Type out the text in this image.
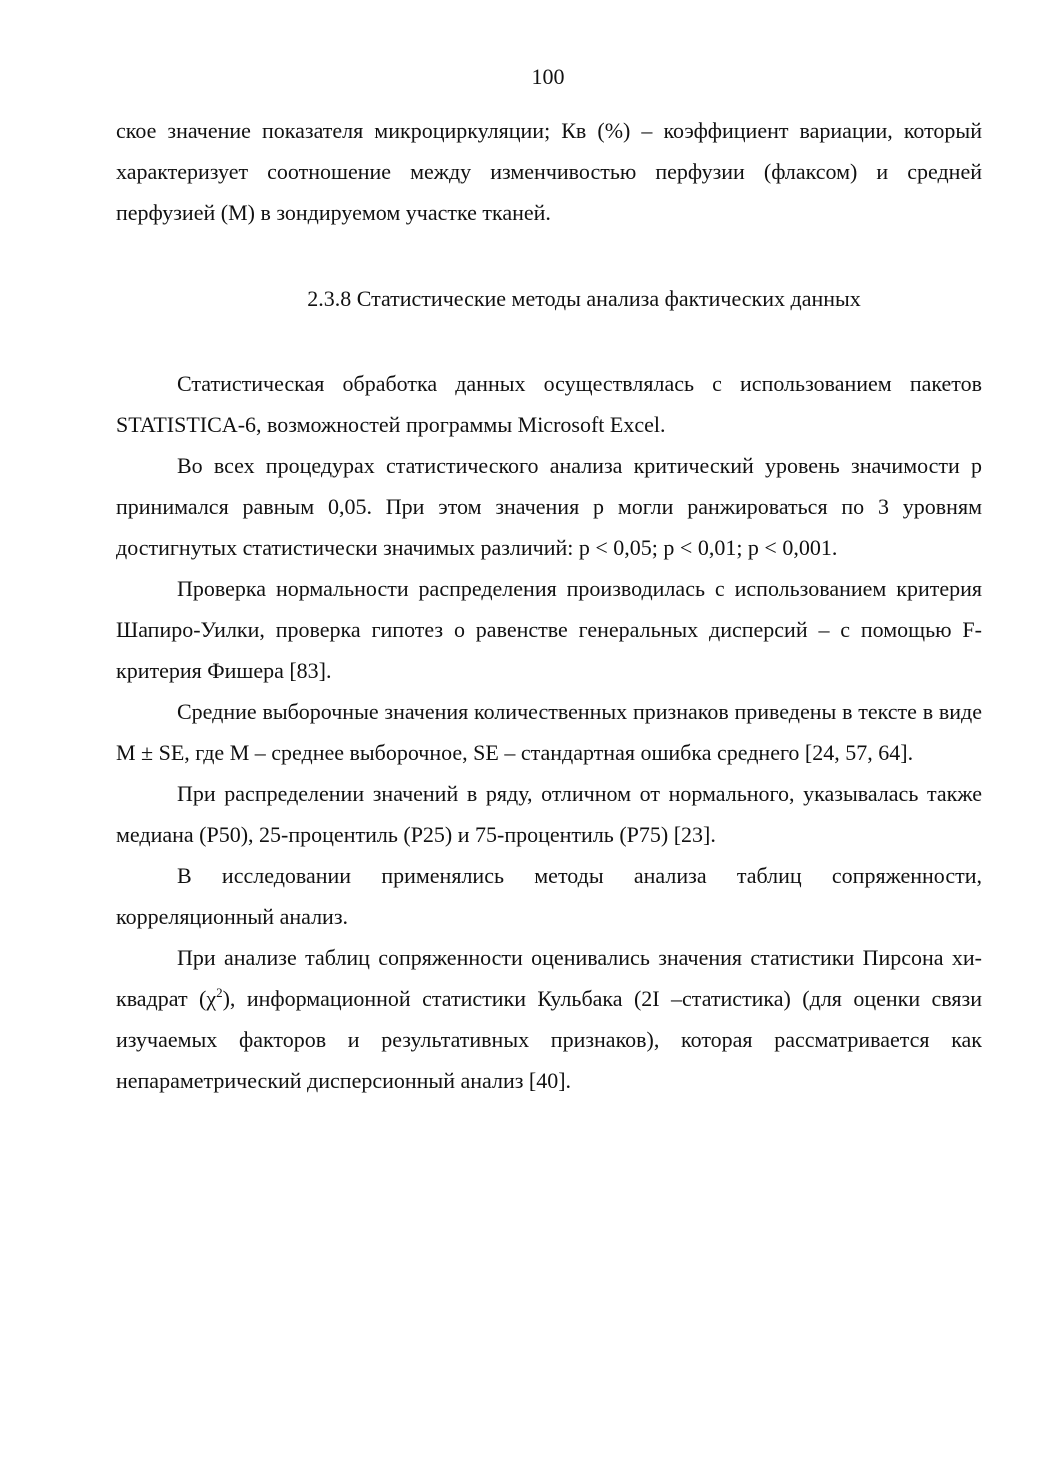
100

ское значение показателя микроциркуляции; Кв (%) – коэффициент вариации, который характеризует соотношение между изменчивостью перфузии (флаксом) и средней перфузией (М) в зондируемом участке тканей.

2.3.8 Статистические методы анализа фактических данных

Статистическая обработка данных осуществлялась с использованием пакетов STATISTICA-6, возможностей программы Microsoft Excel.

Во всех процедурах статистического анализа критический уровень значимости р принимался равным 0,05. При этом значения р могли ранжироваться по 3 уровням достигнутых статистически значимых различий: р < 0,05; р < 0,01; р < 0,001.

Проверка нормальности распределения производилась с использованием критерия Шапиро-Уилки, проверка гипотез о равенстве генеральных дисперсий – с помощью F-критерия Фишера [83].

Средние выборочные значения количественных признаков приведены в тексте в виде M ± SE, где M – среднее выборочное, SE – стандартная ошибка среднего [24, 57, 64].

При распределении значений в ряду, отличном от нормального, указывалась также медиана (Р50), 25-процентиль (Р25) и 75-процентиль (Р75) [23].

В исследовании применялись методы анализа таблиц сопряженности, корреляционный анализ.

При анализе таблиц сопряженности оценивались значения статистики Пирсона хи-квадрат $(\chi^2)$, информационной статистики Кульбака (2I –статистика) (для оценки связи изучаемых факторов и результативных признаков), которая рассматривается как непараметрический дисперсионный анализ [40].
